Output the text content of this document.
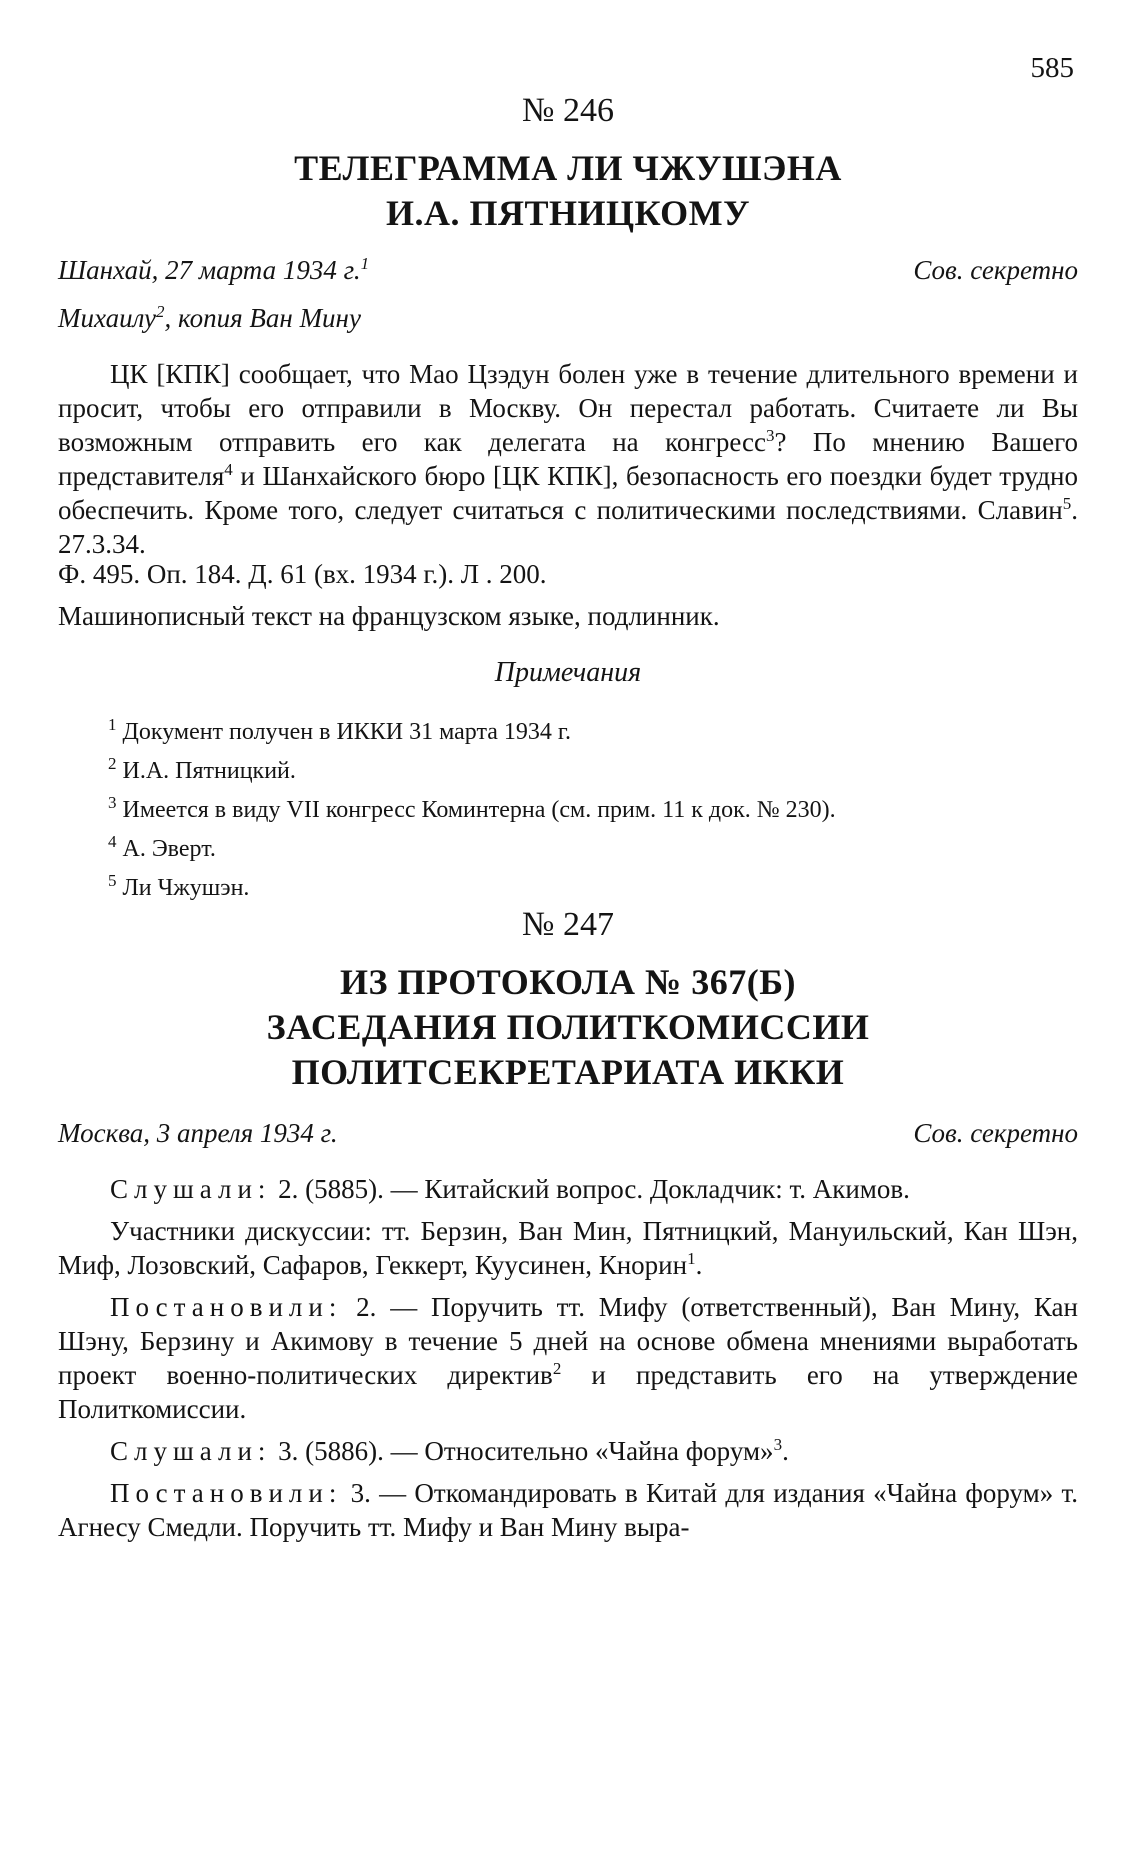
585
№ 246
ТЕЛЕГРАММА ЛИ ЧЖУШЭНА
И.А. ПЯТНИЦКОМУ
Шанхай, 27 марта 1934 г.$^1$	Сов. секретно
Михаилу$^2$, копия Ван Мину

ЦК [КПК] сообщает, что Мао Цзэдун болен уже в течение длительного времени и просит, чтобы его отправили в Москву. Он перестал работать. Считаете ли Вы возможным отправить его как делегата на конгресс$^3$? По мнению Вашего представителя$^4$ и Шанхайского бюро [ЦК КПК], безопасность его поездки будет трудно обеспечить. Кроме того, следует считаться с политическими последствиями. Славин$^5$. 27.3.34.

Ф. 495. Оп. 184. Д. 61 (вх. 1934 г.). Л . 200.

Машинописный текст на французском языке, подлинник.

Примечания
$^1$ Документ получен в ИККИ 31 марта 1934 г.
$^2$ И.А. Пятницкий.
$^3$ Имеется в виду VII конгресс Коминтерна (см. прим. 11 к док. № 230).
$^4$ А. Эверт.
$^5$ Ли Чжушэн.
№ 247
ИЗ ПРОТОКОЛА № 367(Б)
ЗАСЕДАНИЯ ПОЛИТКОМИССИИ
ПОЛИТСЕКРЕТАРИАТА ИККИ
Москва, 3 апреля 1934 г.	Сов. секретно

Слушали: 2. (5885). — Китайский вопрос. Докладчик: т. Акимов.

Участники дискуссии: тт. Берзин, Ван Мин, Пятницкий, Мануильский, Кан Шэн, Миф, Лозовский, Сафаров, Геккерт, Куусинен, Кнорин$^1$.

Постановили: 2. — Поручить тт. Мифу (ответственный), Ван Мину, Кан Шэну, Берзину и Акимову в течение 5 дней на основе обмена мнениями выработать проект военно-политических директив$^2$ и представить его на утверждение Политкомиссии.

Слушали: 3. (5886). — Относительно «Чайна форум»$^3$.

Постановили: 3. — Откомандировать в Китай для издания «Чайна форум» т. Агнесу Смедли. Поручить тт. Мифу и Ван Мину выра-
